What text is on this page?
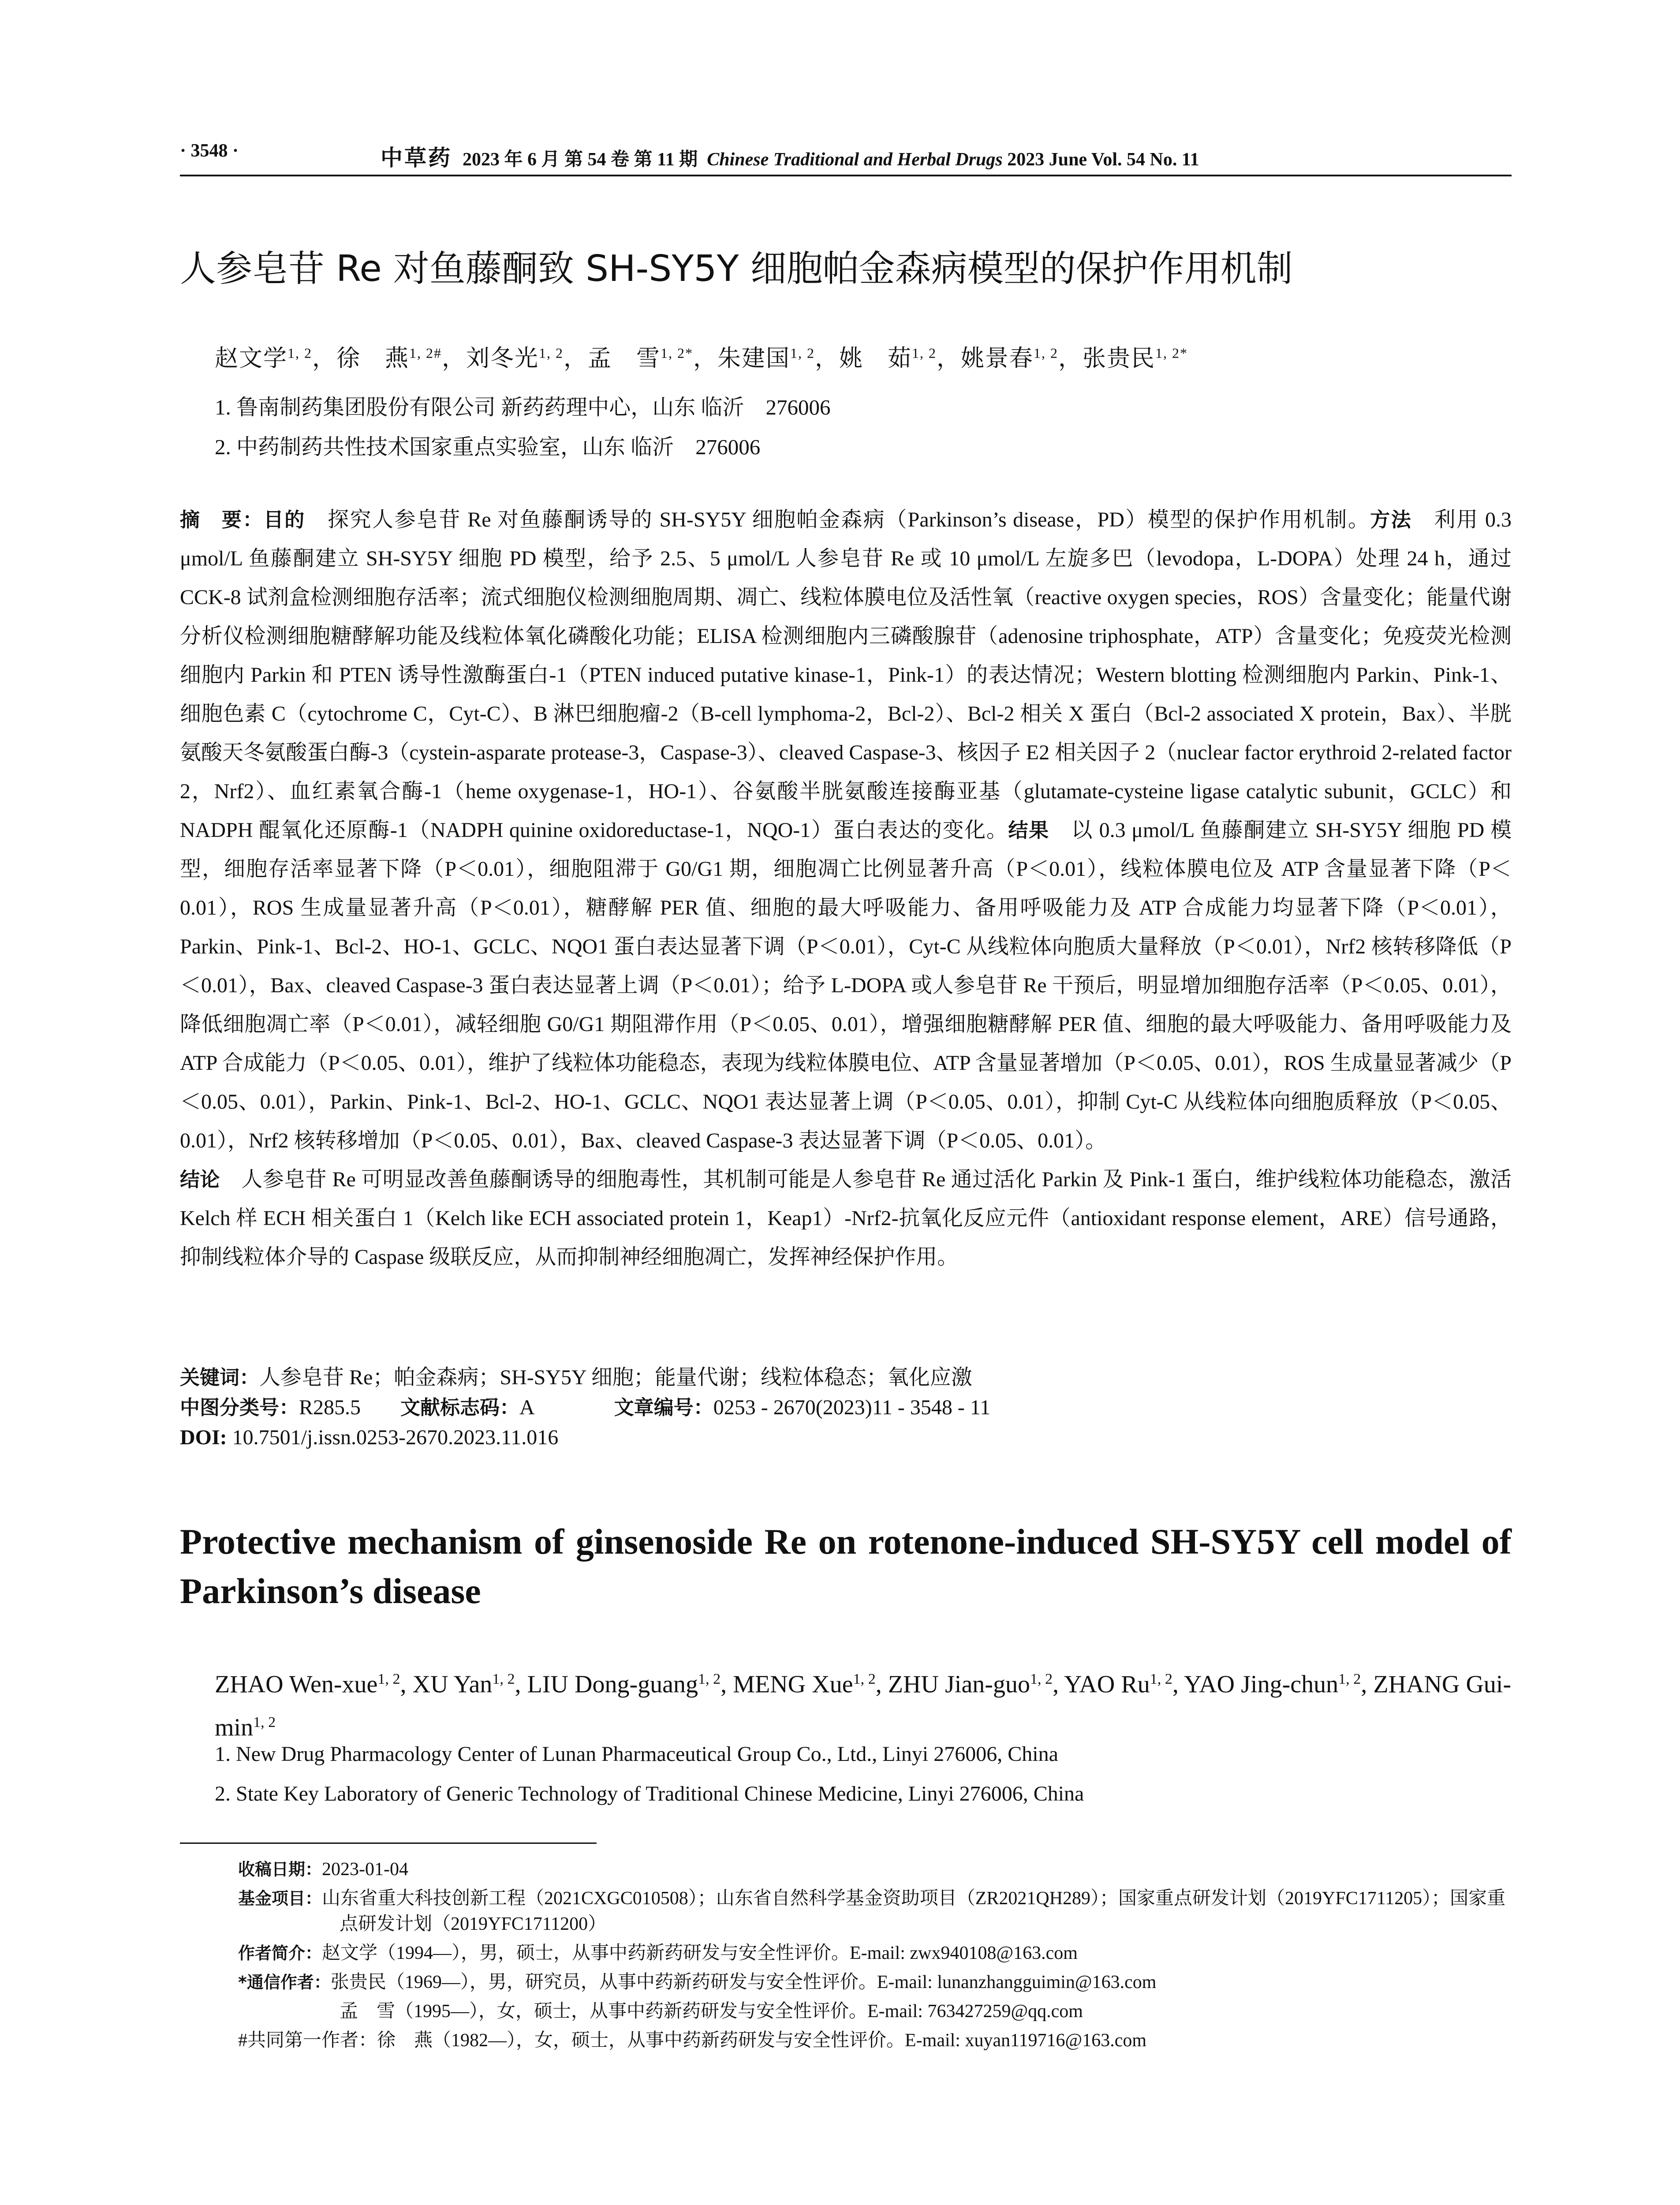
· 3548 ·	中草药 2023 年 6 月 第 54 卷 第 11 期 Chinese Traditional and Herbal Drugs 2023 June Vol. 54 No. 11
人参皂苷 Re 对鱼藤酮致 SH-SY5Y 细胞帕金森病模型的保护作用机制
赵文学$^{1, 2}$，徐　燕$^{1, 2\#}$，刘冬光$^{1, 2}$，孟　雪$^{1, 2*}$，朱建国$^{1, 2}$，姚　茹$^{1, 2}$，姚景春$^{1, 2}$，张贵民$^{1, 2*}$
1. 鲁南制药集团股份有限公司 新药药理中心，山东 临沂　276006
2. 中药制药共性技术国家重点实验室，山东 临沂　276006

摘　要：目的　 探究人参皂苷 Re 对鱼藤酮诱导的 SH-SY5Y 细胞帕金森病（Parkinson’s disease，PD）模型的保护作用机制。方法　 利用 0.3 μmol/L 鱼藤酮建立 SH-SY5Y 细胞 PD 模型，给予 2.5、5 μmol/L 人参皂苷 Re 或 10 μmol/L 左旋多巴（levodopa，L-DOPA）处理 24 h，通过 CCK-8 试剂盒检测细胞存活率；流式细胞仪检测细胞周期、凋亡、线粒体膜电位及活性氧（reactive oxygen species，ROS）含量变化；能量代谢分析仪检测细胞糖酵解功能及线粒体氧化磷酸化功能；ELISA 检测细胞内三磷酸腺苷（adenosine triphosphate，ATP）含量变化；免疫荧光检测细胞内 Parkin 和 PTEN 诱导性激酶蛋白-1（PTEN induced putative kinase-1，Pink-1）的表达情况；Western blotting 检测细胞内 Parkin、Pink-1、细胞色素 C（cytochrome C，Cyt-C）、B 淋巴细胞瘤-2（B-cell lymphoma-2，Bcl-2）、Bcl-2 相关 X 蛋白（Bcl-2 associated X protein，Bax）、半胱氨酸天冬氨酸蛋白酶-3（cystein-asparate protease-3，Caspase-3）、cleaved Caspase-3、核因子 E2 相关因子 2（nuclear factor erythroid 2-related factor 2，Nrf2）、血红素氧合酶-1（heme oxygenase-1，HO-1）、谷氨酸半胱氨酸连接酶亚基（glutamate-cysteine ligase catalytic subunit，GCLC）和 NADPH 醌氧化还原酶-1（NADPH quinine oxidoreductase-1，NQO-1）蛋白表达的变化。结果　 以 0.3 μmol/L 鱼藤酮建立 SH-SY5Y 细胞 PD 模型，细胞存活率显著下降（P＜0.01），细胞阻滞于 G0/G1 期，细胞凋亡比例显著升高（P＜0.01），线粒体膜电位及 ATP 含量显著下降（P＜0.01），ROS 生成量显著升高（P＜0.01），糖酵解 PER 值、细胞的最大呼吸能力、备用呼吸能力及 ATP 合成能力均显著下降（P＜0.01），Parkin、Pink-1、Bcl-2、HO-1、GCLC、NQO1 蛋白表达显著下调（P＜0.01），Cyt-C 从线粒体向胞质大量释放（P＜0.01），Nrf2 核转移降低（P＜0.01），Bax、cleaved Caspase-3 蛋白表达显著上调（P＜0.01）；给予 L-DOPA 或人参皂苷 Re 干预后，明显增加细胞存活率（P＜0.05、0.01），降低细胞凋亡率（P＜0.01），减轻细胞 G0/G1 期阻滞作用（P＜0.05、0.01），增强细胞糖酵解 PER 值、细胞的最大呼吸能力、备用呼吸能力及 ATP 合成能力（P＜0.05、0.01），维护了线粒体功能稳态，表现为线粒体膜电位、ATP 含量显著增加（P＜0.05、0.01），ROS 生成量显著减少（P＜0.05、0.01），Parkin、Pink-1、Bcl-2、HO-1、GCLC、NQO1 表达显著上调（P＜0.05、0.01），抑制 Cyt-C 从线粒体向细胞质释放（P＜0.05、0.01），Nrf2 核转移增加（P＜0.05、0.01），Bax、cleaved Caspase-3 表达显著下调（P＜0.05、0.01）。
结论　 人参皂苷 Re 可明显改善鱼藤酮诱导的细胞毒性，其机制可能是人参皂苷 Re 通过活化 Parkin 及 Pink-1 蛋白，维护线粒体功能稳态，激活 Kelch 样 ECH 相关蛋白 1（Kelch like ECH associated protein 1，Keap1）-Nrf2-抗氧化反应元件（antioxidant response element，ARE）信号通路，抑制线粒体介导的 Caspase 级联反应，从而抑制神经细胞凋亡，发挥神经保护作用。

关键词：人参皂苷 Re；帕金森病；SH-SY5Y 细胞；能量代谢；线粒体稳态；氧化应激
中图分类号：R285.5 文献标志码：A	文章编号：0253 - 2670(2023)11 - 3548 - 11
DOI: 10.7501/j.issn.0253-2670.2023.11.016
Protective mechanism of ginsenoside Re on rotenone-induced SH-SY5Y cell model of Parkinson’s disease
ZHAO Wen-xue$^{1, 2}$, XU Yan$^{1, 2}$, LIU Dong-guang$^{1, 2}$, MENG Xue$^{1, 2}$, ZHU Jian-guo$^{1, 2}$, YAO Ru$^{1, 2}$, YAO Jing-chun$^{1, 2}$, ZHANG Gui-$\min^{1, 2}$
1. New Drug Pharmacology Center of Lunan Pharmaceutical Group Co., Ltd., Linyi 276006, China
2. State Key Laboratory of Generic Technology of Traditional Chinese Medicine, Linyi 276006, China
收稿日期：2023-01-04
基金项目：山东省重大科技创新工程（2021CXGC010508）；山东省自然科学基金资助项目（ZR2021QH289）；国家重点研发计划（2019YFC1711205）；国家重点研发计划（2019YFC1711200）
作者简介：赵文学（1994—），男，硕士，从事中药新药研发与安全性评价。E-mail: zwx940108@163.com
*通信作者：张贵民（1969—），男，研究员，从事中药新药研发与安全性评价。E-mail: lunanzhangguimin@163.com
孟　雪（1995—），女，硕士，从事中药新药研发与安全性评价。E-mail: 763427259@qq.com
#共同第一作者：徐　燕（1982—），女，硕士，从事中药新药研发与安全性评价。E-mail: xuyan119716@163.com
